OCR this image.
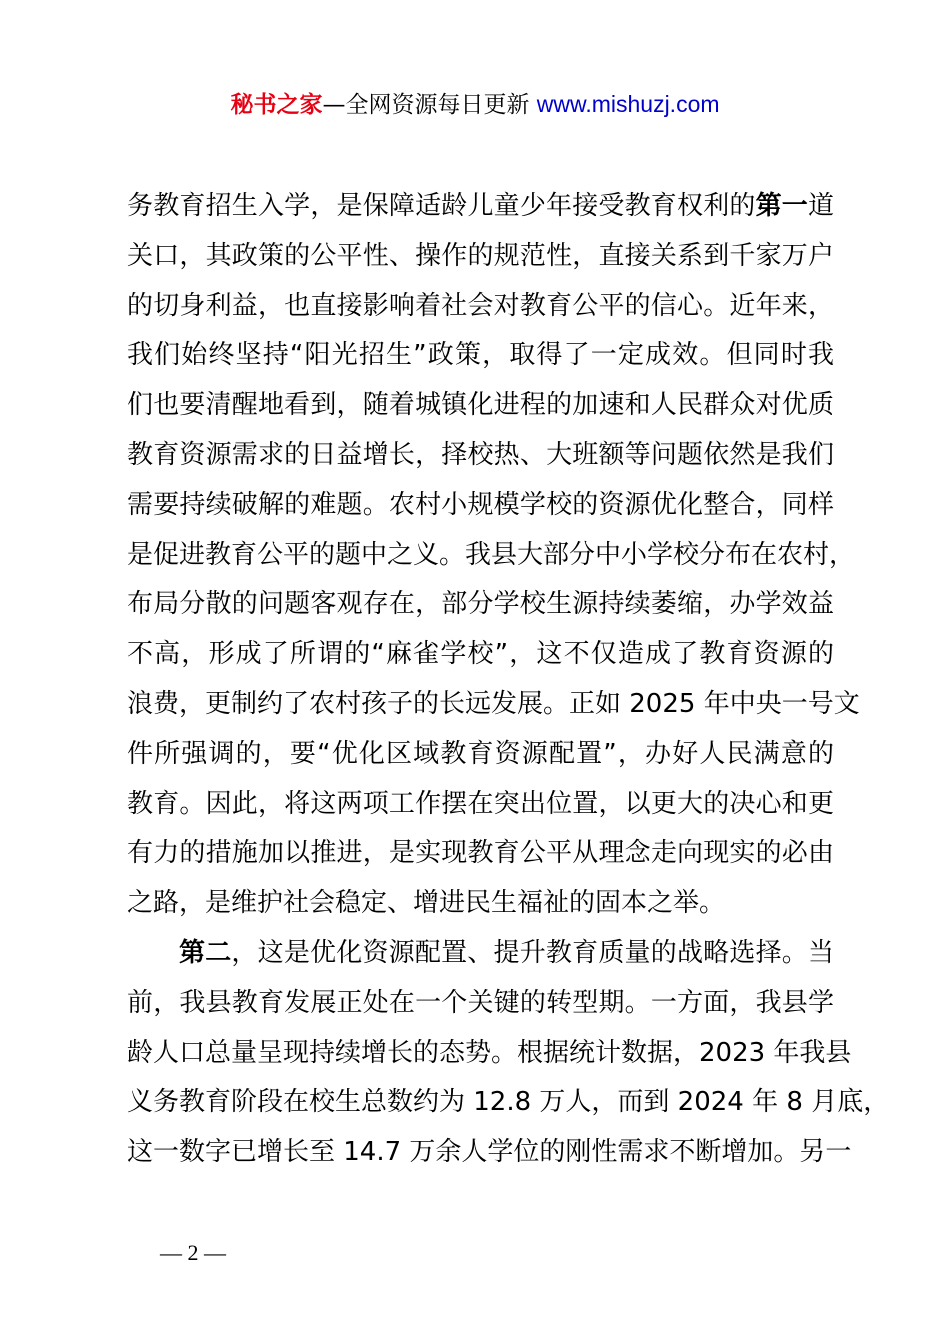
秘书之家—全网资源每日更新 www.mishuzj.com
务教育招生入学，是保障适龄儿童少年接受教育权利的第一道
关口，其政策的公平性、操作的规范性，直接关系到千家万户
的切身利益，也直接影响着社会对教育公平的信心。近年来，
我们始终坚持“阳光招生”政策，取得了一定成效。但同时我
们也要清醒地看到，随着城镇化进程的加速和人民群众对优质
教育资源需求的日益增长，择校热、大班额等问题依然是我们
需要持续破解的难题。农村小规模学校的资源优化整合，同样
是促进教育公平的题中之义。我县大部分中小学校分布在农村，
布局分散的问题客观存在，部分学校生源持续萎缩，办学效益
不高，形成了所谓的“麻雀学校”，这不仅造成了教育资源的
浪费，更制约了农村孩子的长远发展。正如 2025 年中央一号文
件所强调的，要“优化区域教育资源配置”，办好人民满意的
教育。因此，将这两项工作摆在突出位置，以更大的决心和更
有力的措施加以推进，是实现教育公平从理念走向现实的必由
之路，是维护社会稳定、增进民生福祉的固本之举。
第二，这是优化资源配置、提升教育质量的战略选择。当
前，我县教育发展正处在一个关键的转型期。一方面，我县学
龄人口总量呈现持续增长的态势。根据统计数据，2023 年我县
义务教育阶段在校生总数约为 12.8 万人，而到 2024 年 8 月底，
这一数字已增长至 14.7 万余人学位的刚性需求不断增加。另一
— 2 —
